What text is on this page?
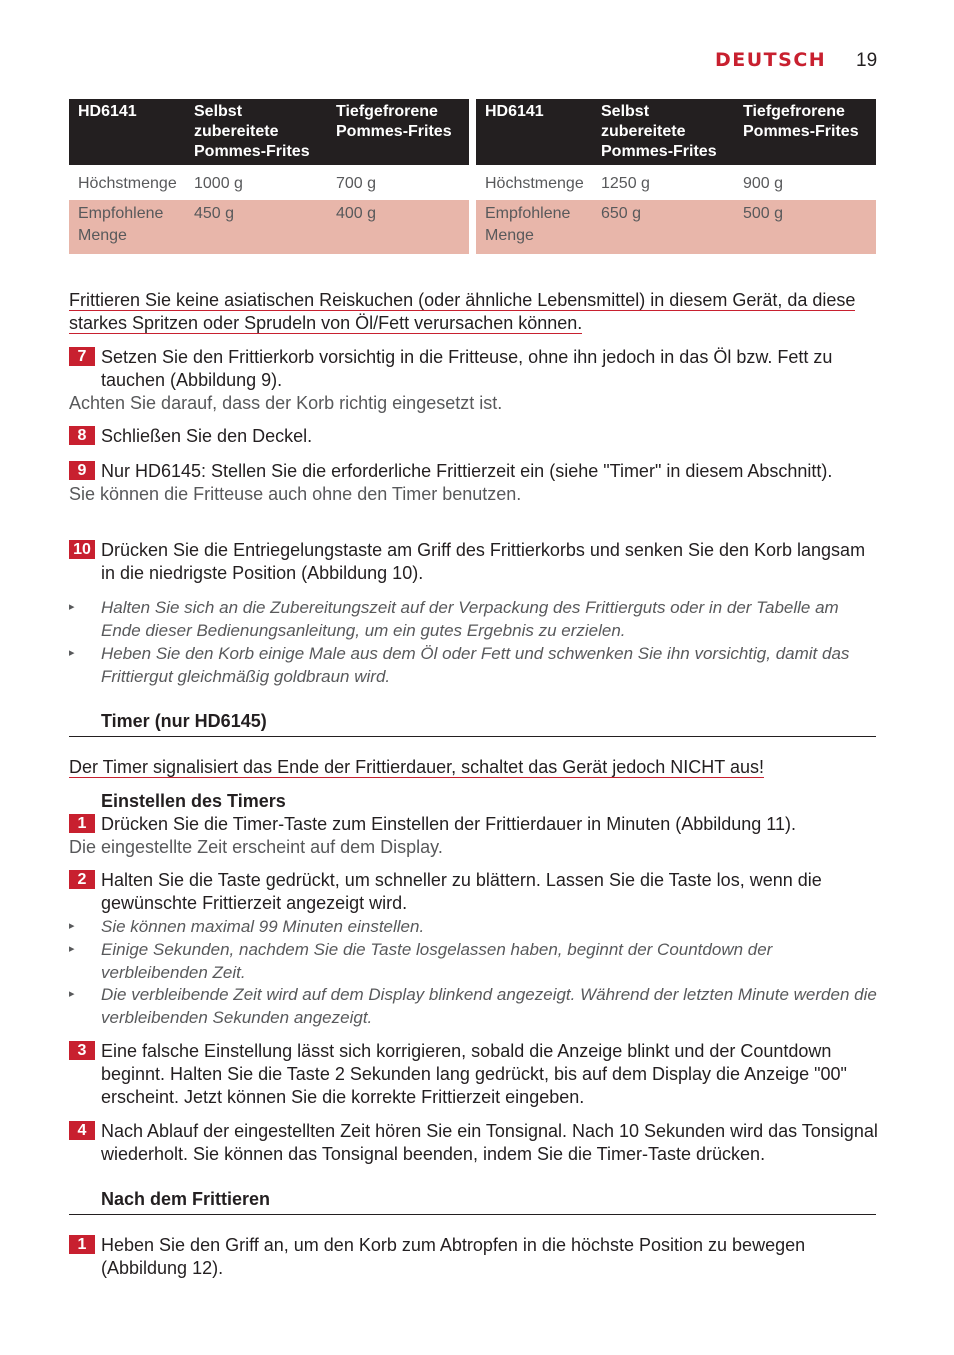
DEUTSCH 19
HD6141	Selbst zubereitete Pommes-Frites	Tiefgefrorene Pommes-Frites
Höchstmenge	1000 g	700 g
Empfohlene Menge	450 g	400 g
HD6141	Selbst zubereitete Pommes-Frites	Tiefgefrorene Pommes-Frites
Höchstmenge	1250 g	900 g
Empfohlene Menge	650 g	500 g
Frittieren Sie keine asiatischen Reiskuchen (oder ähnliche Lebensmittel) in diesem Gerät, da diese starkes Spritzen oder Sprudeln von Öl/Fett verursachen können.
7 Setzen Sie den Frittierkorb vorsichtig in die Fritteuse, ohne ihn jedoch in das Öl bzw. Fett zu tauchen (Abbildung 9).
Achten Sie darauf, dass der Korb richtig eingesetzt ist.
8 Schließen Sie den Deckel.
9 Nur HD6145: Stellen Sie die erforderliche Frittierzeit ein (siehe "Timer" in diesem Abschnitt).
Sie können die Fritteuse auch ohne den Timer benutzen.
10 Drücken Sie die Entriegelungstaste am Griff des Frittierkorbs und senken Sie den Korb langsam in die niedrigste Position (Abbildung 10).
▸ Halten Sie sich an die Zubereitungszeit auf der Verpackung des Frittierguts oder in der Tabelle am Ende dieser Bedienungsanleitung, um ein gutes Ergebnis zu erzielen.
▸ Heben Sie den Korb einige Male aus dem Öl oder Fett und schwenken Sie ihn vorsichtig, damit das Frittiergut gleichmäßig goldbraun wird.
Timer (nur HD6145)
Der Timer signalisiert das Ende der Frittierdauer, schaltet das Gerät jedoch NICHT aus!
Einstellen des Timers
1 Drücken Sie die Timer-Taste zum Einstellen der Frittierdauer in Minuten (Abbildung 11).
Die eingestellte Zeit erscheint auf dem Display.
2 Halten Sie die Taste gedrückt, um schneller zu blättern. Lassen Sie die Taste los, wenn die gewünschte Frittierzeit angezeigt wird.
▸ Sie können maximal 99 Minuten einstellen.
▸ Einige Sekunden, nachdem Sie die Taste losgelassen haben, beginnt der Countdown der verbleibenden Zeit.
▸ Die verbleibende Zeit wird auf dem Display blinkend angezeigt. Während der letzten Minute werden die verbleibenden Sekunden angezeigt.
3 Eine falsche Einstellung lässt sich korrigieren, sobald die Anzeige blinkt und der Countdown beginnt. Halten Sie die Taste 2 Sekunden lang gedrückt, bis auf dem Display die Anzeige "00" erscheint. Jetzt können Sie die korrekte Frittierzeit eingeben.
4 Nach Ablauf der eingestellten Zeit hören Sie ein Tonsignal. Nach 10 Sekunden wird das Tonsignal wiederholt. Sie können das Tonsignal beenden, indem Sie die Timer-Taste drücken.
Nach dem Frittieren
1 Heben Sie den Griff an, um den Korb zum Abtropfen in die höchste Position zu bewegen (Abbildung 12).
